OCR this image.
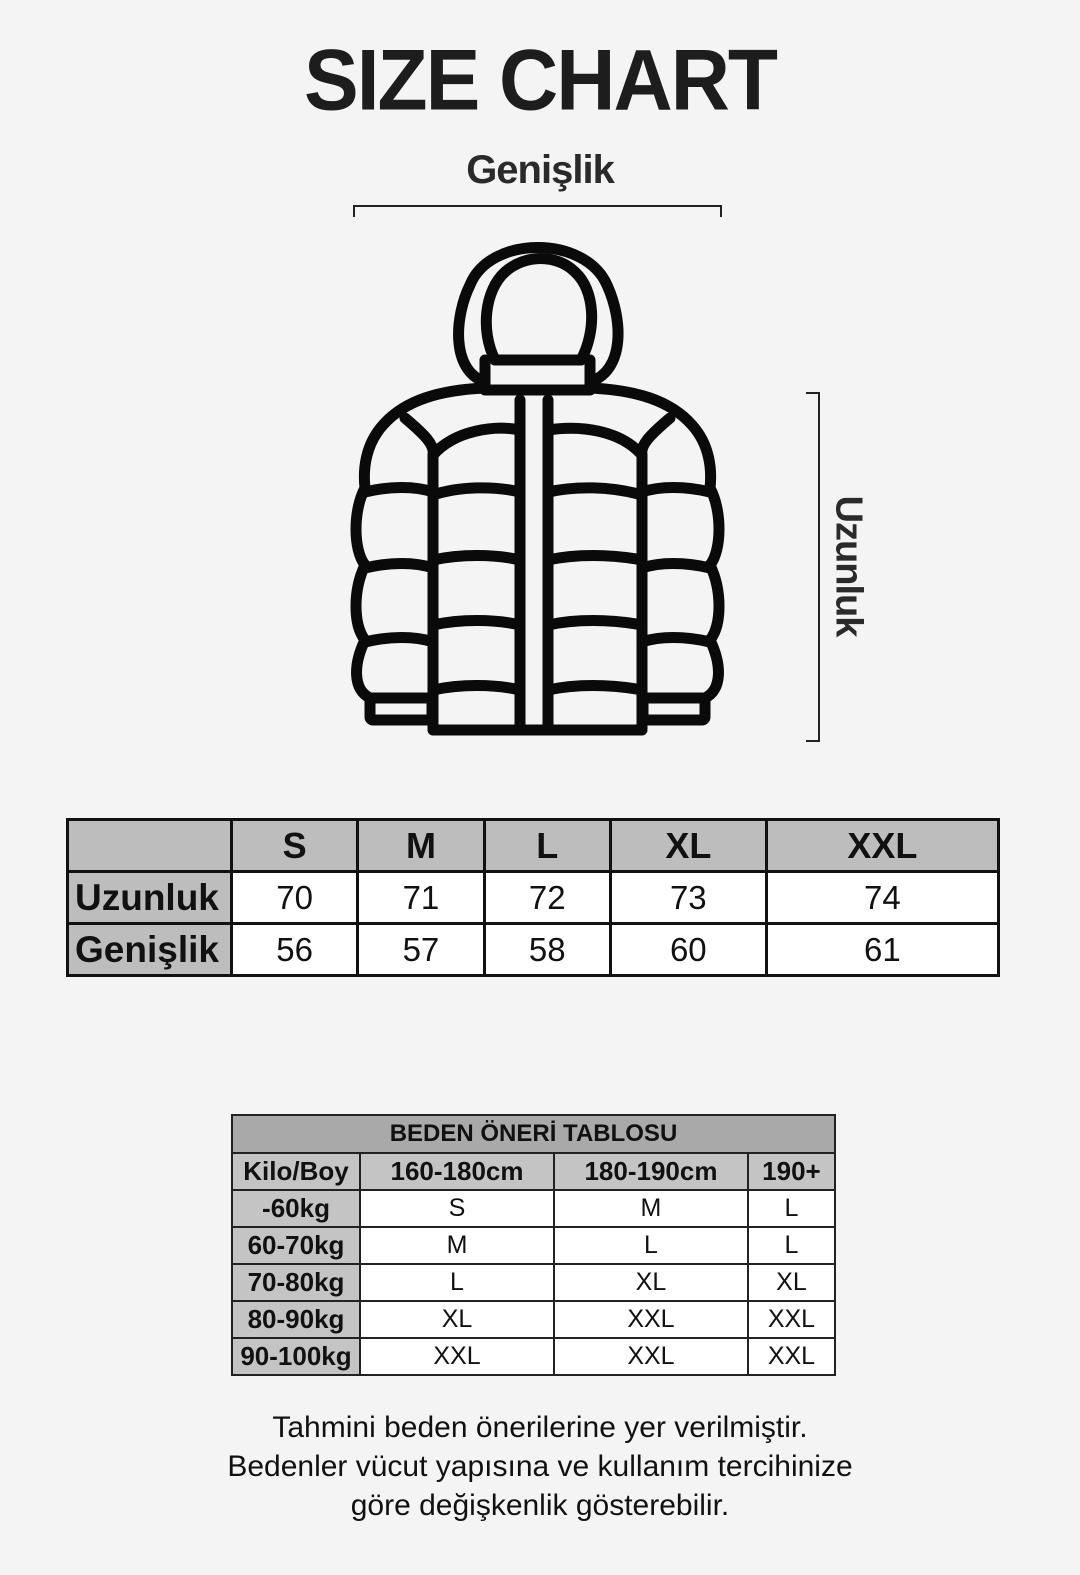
SIZE CHART
Genişlik
Uzunluk
	S	M	L	XL	XXL
Uzunluk	70	71	72	73	74
Genişlik	56	57	58	60	61
BEDEN ÖNERİ TABLOSU			
Kilo/Boy	160-180cm	180-190cm	190+
-60kg	S	M	L
60-70kg	M	L	L
70-80kg	L	XL	XL
80-90kg	XL	XXL	XXL
90-100kg	XXL	XXL	XXL
Tahmini beden önerilerine yer verilmiştir.
Bedenler vücut yapısına ve kullanım tercihinize
göre değişkenlik gösterebilir.
